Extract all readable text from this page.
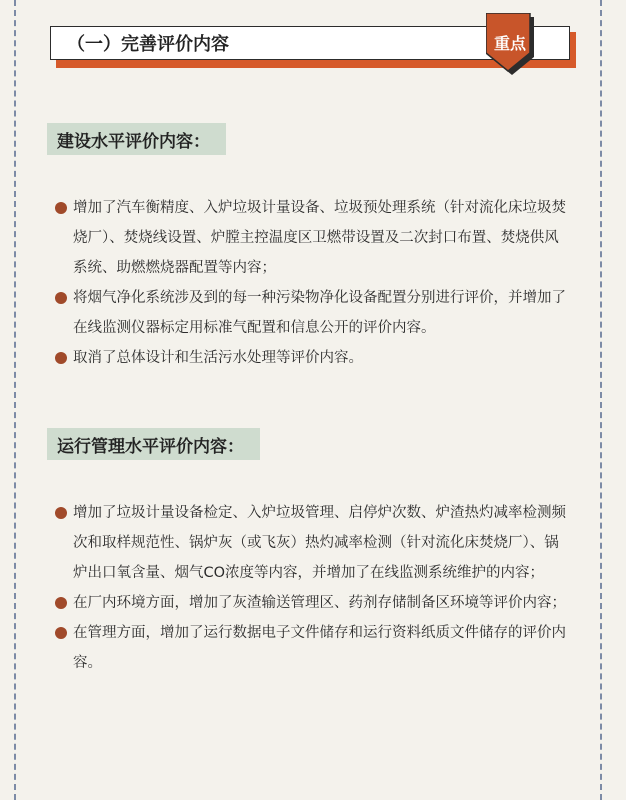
（一）完善评价内容	重点
建设水平评价内容：

增加了汽车衡精度、入炉垃圾计量设备、垃圾预处理系统（针对流化床垃圾焚烧厂）、焚烧线设置、炉膛主控温度区卫燃带设置及二次封口布置、焚烧供风系统、助燃燃烧器配置等内容；

将烟气净化系统涉及到的每一种污染物净化设备配置分别进行评价，并增加了在线监测仪器标定用标准气配置和信息公开的评价内容。

取消了总体设计和生活污水处理等评价内容。

运行管理水平评价内容：

增加了垃圾计量设备检定、入炉垃圾管理、启停炉次数、炉渣热灼减率检测频次和取样规范性、锅炉灰（或飞灰）热灼减率检测（针对流化床焚烧厂）、锅炉出口氧含量、烟气CO浓度等内容，并增加了在线监测系统维护的内容；

在厂内环境方面，增加了灰渣输送管理区、药剂存储制备区环境等评价内容；

在管理方面，增加了运行数据电子文件储存和运行资料纸质文件储存的评价内容。
